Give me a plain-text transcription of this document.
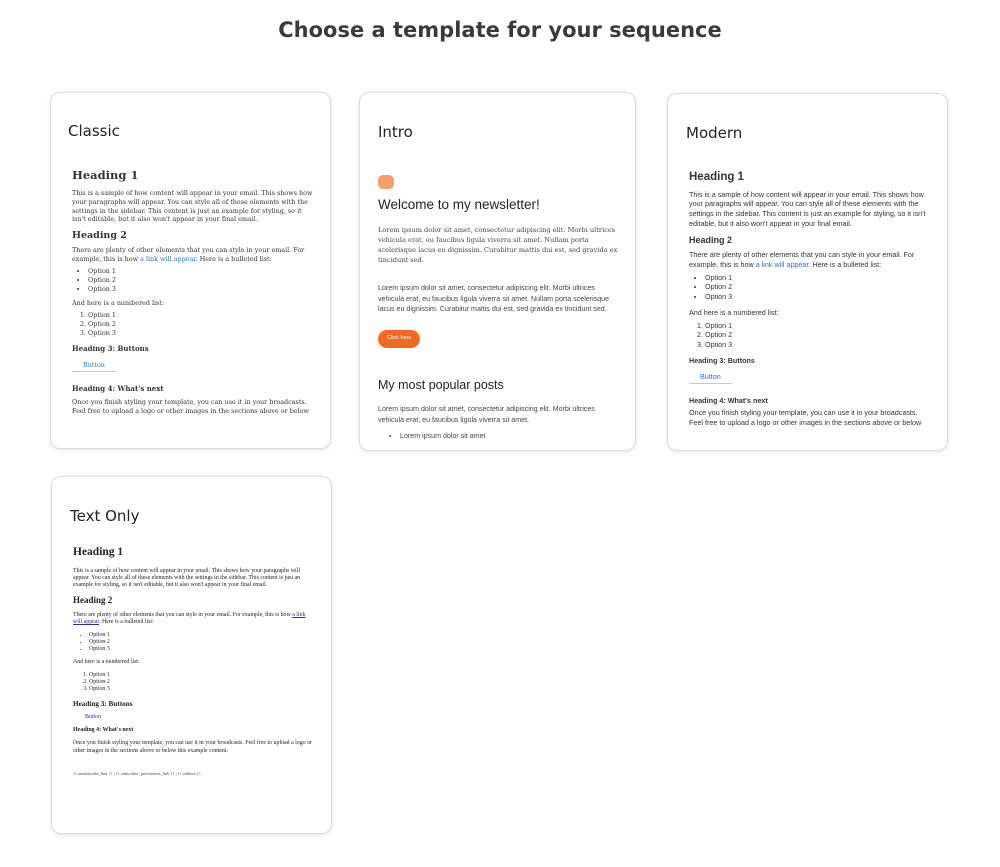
Choose a template for your sequence
Classic
Heading 1

This is a sample of how content will appear in your email. This shows how your paragraphs will appear. You can style all of these elements with the settings in the sidebar. This content is just an example for styling, so it isn't editable, but it also won't appear in your final email.

Heading 2

There are plenty of other elements that you can style in your email. For example, this is how a link will appear. Here is a bulleted list:

• Option 1
• Option 2
• Option 3

And here is a numbered list:

1. Option 1
2. Option 2
3. Option 3
Heading 3: Buttons
Button
Heading 4: What's next

Once you finish styling your template, you can use it in your broadcasts. Feel free to upload a logo or other images in the sections above or below

Intro
Welcome to my newsletter!

Lorem ipsum dolor sit amet, consectetur adipiscing elit. Morbi ultrices vehicula erat, eu faucibus ligula viverra sit amet. Nullam porta scelerisque lacus eu dignissim. Curabitur mattis dui est, sed gravida ex tincidunt sed.

Lorem ipsum dolor sit amet, consectetur adipiscing elit. Morbi ultrices vehicula erat, eu faucibus ligula viverra sit amet. Nullam porta scelerisque lacus eu dignissim. Curabitur mattis dui est, sed gravida ex tincidunt sed.

Click here
My most popular posts

Lorem ipsum dolor sit amet, consectetur adipiscing elit. Morbi ultrices vehicula erat, eu faucibus ligula viverra sit amet.

• Lorem ipsum dolor sit amet
Modern
Heading 1

This is a sample of how content will appear in your email. This shows how your paragraphs will appear. You can style all of these elements with the settings in the sidebar. This content is just an example for styling, so it isn't editable, but it also won't appear in your final email.

Heading 2

There are plenty of other elements that you can style in your email. For example, this is how a link will appear. Here is a bulleted list:

• Option 1
• Option 2
• Option 3

And here is a numbered list:

1. Option 1
2. Option 2
3. Option 3
Heading 3: Buttons
Button
Heading 4: What's next

Once you finish styling your template, you can use it in your broadcasts. Feel free to upload a logo or other images in the sections above or below

Text Only
Heading 1

This is a sample of how content will appear in your email. This shows how your paragraphs will appear. You can style all of these elements with the settings in the sidebar. This content is just an example for styling, so it isn't editable, but it also won't appear in your final email.

Heading 2

There are plenty of other elements that you can style in your email. For example, this is how a link will appear. Here is a bulleted list:

• Option 1
• Option 2
• Option 3

And here is a numbered list:

1. Option 1
2. Option 2
3. Option 3
Heading 3: Buttons
Button
Heading 4: What's next

Once you finish styling your template, you can use it in your broadcasts. Feel free to upload a logo or other images in the sections above or below this example content.

{{ unsubscribe_link }} | {{ subscriber_preferences_link }} | {{ address }}
